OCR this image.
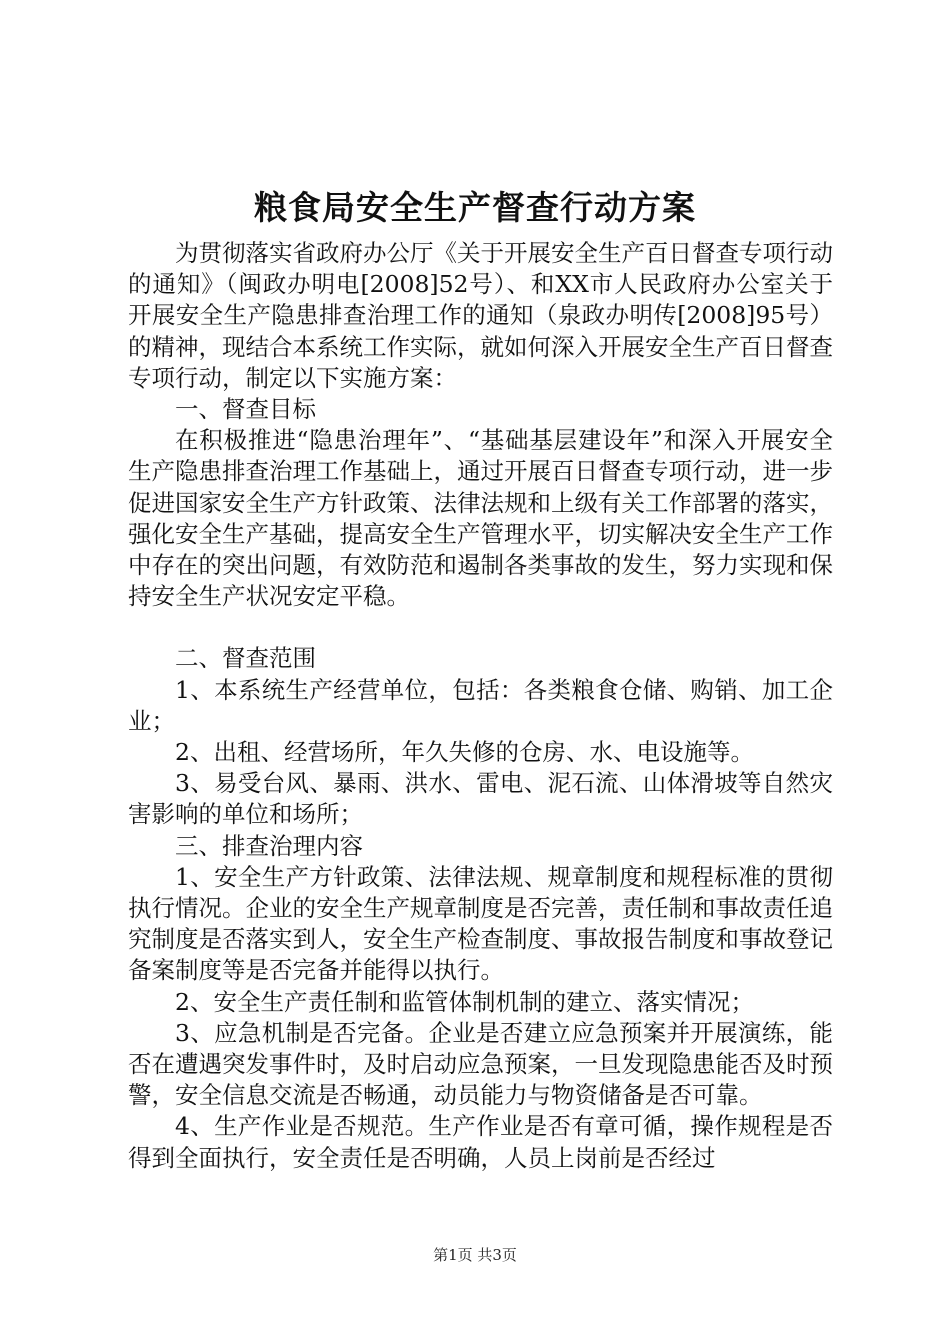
粮食局安全生产督查行动方案

为贯彻落实省政府办公厅《关于开展安全生产百日督查专项行动的通知》（闽政办明电[2008]52号）、和XX市人民政府办公室关于开展安全生产隐患排查治理工作的通知（泉政办明传[2008]95号）的精神，现结合本系统工作实际，就如何深入开展安全生产百日督查专项行动，制定以下实施方案：

一、督查目标

在积极推进“隐患治理年”、“基础基层建设年”和深入开展安全生产隐患排查治理工作基础上，通过开展百日督查专项行动，进一步促进国家安全生产方针政策、法律法规和上级有关工作部署的落实，强化安全生产基础，提高安全生产管理水平，切实解决安全生产工作中存在的突出问题，有效防范和遏制各类事故的发生，努力实现和保持安全生产状况安定平稳。

二、督查范围

1、本系统生产经营单位，包括：各类粮食仓储、购销、加工企业；

2、出租、经营场所，年久失修的仓房、水、电设施等。

3、易受台风、暴雨、洪水、雷电、泥石流、山体滑坡等自然灾害影响的单位和场所；

三、排查治理内容

1、安全生产方针政策、法律法规、规章制度和规程标准的贯彻执行情况。企业的安全生产规章制度是否完善，责任制和事故责任追究制度是否落实到人，安全生产检查制度、事故报告制度和事故登记备案制度等是否完备并能得以执行。

2、安全生产责任制和监管体制机制的建立、落实情况；

3、应急机制是否完备。企业是否建立应急预案并开展演练，能否在遭遇突发事件时，及时启动应急预案，一旦发现隐患能否及时预警，安全信息交流是否畅通，动员能力与物资储备是否可靠。

4、生产作业是否规范。生产作业是否有章可循，操作规程是否得到全面执行，安全责任是否明确，人员上岗前是否经过

第1页 共3页
